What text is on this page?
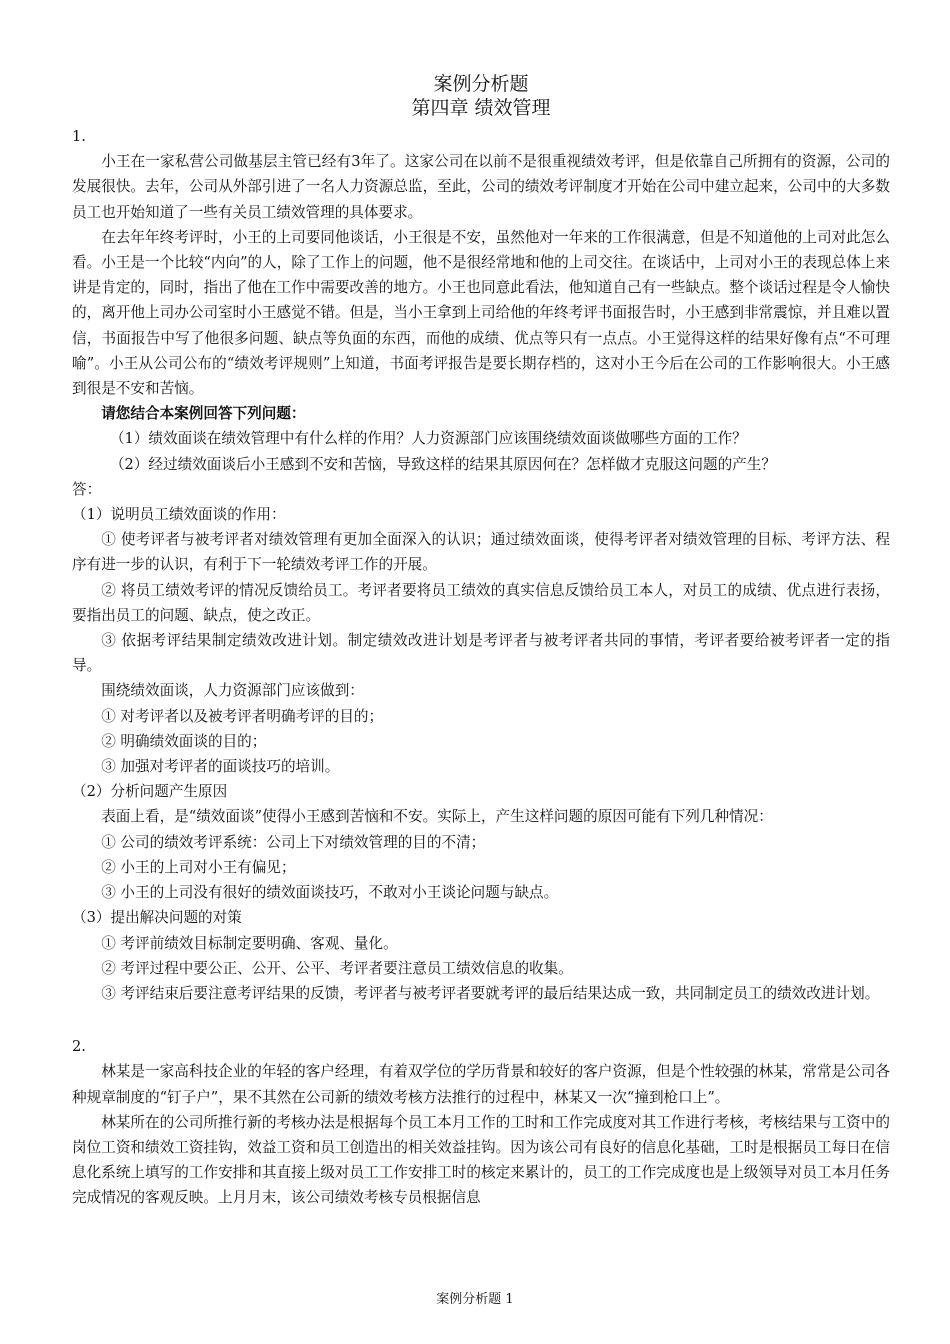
案例分析题
第四章 绩效管理

1.

小王在一家私营公司做基层主管已经有3年了。这家公司在以前不是很重视绩效考评，但是依靠自己所拥有的资源，公司的发展很快。去年，公司从外部引进了一名人力资源总监，至此，公司的绩效考评制度才开始在公司中建立起来，公司中的大多数员工也开始知道了一些有关员工绩效管理的具体要求。

在去年年终考评时，小王的上司要同他谈话，小王很是不安，虽然他对一年来的工作很满意，但是不知道他的上司对此怎么看。小王是一个比较“内向”的人，除了工作上的问题，他不是很经常地和他的上司交往。在谈话中，上司对小王的表现总体上来讲是肯定的，同时，指出了他在工作中需要改善的地方。小王也同意此看法，他知道自己有一些缺点。整个谈话过程是令人愉快的，离开他上司办公司室时小王感觉不错。但是，当小王拿到上司给他的年终考评书面报告时，小王感到非常震惊，并且难以置信，书面报告中写了他很多问题、缺点等负面的东西，而他的成绩、优点等只有一点点。小王觉得这样的结果好像有点“不可理喻”。小王从公司公布的“绩效考评规则”上知道，书面考评报告是要长期存档的，这对小王今后在公司的工作影响很大。小王感到很是不安和苦恼。

请您结合本案例回答下列问题：

（1）绩效面谈在绩效管理中有什么样的作用？人力资源部门应该围绕绩效面谈做哪些方面的工作？

（2）经过绩效面谈后小王感到不安和苦恼，导致这样的结果其原因何在？怎样做才克服这问题的产生？

答：

（1）说明员工绩效面谈的作用：

① 使考评者与被考评者对绩效管理有更加全面深入的认识；通过绩效面谈，使得考评者对绩效管理的目标、考评方法、程序有进一步的认识，有利于下一轮绩效考评工作的开展。

② 将员工绩效考评的情况反馈给员工。考评者要将员工绩效的真实信息反馈给员工本人，对员工的成绩、优点进行表扬，要指出员工的问题、缺点，使之改正。

③ 依据考评结果制定绩效改进计划。制定绩效改进计划是考评者与被考评者共同的事情，考评者要给被考评者一定的指导。

围绕绩效面谈，人力资源部门应该做到：

① 对考评者以及被考评者明确考评的目的；

② 明确绩效面谈的目的；

③ 加强对考评者的面谈技巧的培训。

（2）分析问题产生原因

表面上看，是“绩效面谈”使得小王感到苦恼和不安。实际上，产生这样问题的原因可能有下列几种情况：

① 公司的绩效考评系统：公司上下对绩效管理的目的不清；

② 小王的上司对小王有偏见；

③ 小王的上司没有很好的绩效面谈技巧，不敢对小王谈论问题与缺点。

（3）提出解决问题的对策

① 考评前绩效目标制定要明确、客观、量化。

② 考评过程中要公正、公开、公平、考评者要注意员工绩效信息的收集。

③ 考评结束后要注意考评结果的反馈，考评者与被考评者要就考评的最后结果达成一致，共同制定员工的绩效改进计划。

2.

林某是一家高科技企业的年轻的客户经理，有着双学位的学历背景和较好的客户资源，但是个性较强的林某，常常是公司各种规章制度的“钉子户”，果不其然在公司新的绩效考核方法推行的过程中，林某又一次“撞到枪口上”。

林某所在的公司所推行新的考核办法是根据每个员工本月工作的工时和工作完成度对其工作进行考核，考核结果与工资中的岗位工资和绩效工资挂钩，效益工资和员工创造出的相关效益挂钩。因为该公司有良好的信息化基础，工时是根据员工每日在信息化系统上填写的工作安排和其直接上级对员工工作安排工时的核定来累计的，员工的工作完成度也是上级领导对员工本月任务完成情况的客观反映。上月月末，该公司绩效考核专员根据信息

案例分析题 1
